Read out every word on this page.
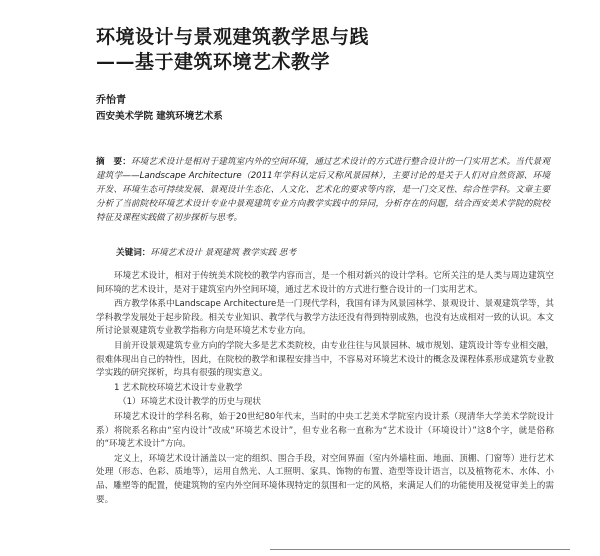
环境设计与景观建筑教学思与践
——基于建筑环境艺术教学
乔怡青
西安美术学院 建筑环境艺术系
摘　要：环境艺术设计是相对于建筑室内外的空间环境，通过艺术设计的方式进行整合设计的一门实用艺术。当代景观建筑学——Landscape Architecture（2011年学科认定后又称风景园林），主要讨论的是关于人们对自然资源、环境开发、环境生态可持续发展、景观设计生态化、人文化、艺术化的要求等内容，是一门交叉性、综合性学科。文章主要分析了当前院校环境艺术设计专业中景观建筑专业方向教学实践中的异同，分析存在的问题，结合西安美术学院的院校特征及课程实践做了初步探析与思考。
关键词：环境艺术设计 景观建筑 教学实践 思考

环境艺术设计，相对于传统美术院校的教学内容而言，是一个相对新兴的设计学科。它所关注的是人类与周边建筑空间环境的艺术设计，是对于建筑室内外空间环境，通过艺术设计的方式进行整合设计的一门实用艺术。

西方教学体系中Landscape Architecture是一门现代学科，我国有译为风景园林学、景观设计、景观建筑学等，其学科教学发展处于起步阶段。相关专业知识、教学代与教学方法还没有得到特别成熟，也没有达成相对一致的认识。本文所讨论景观建筑专业教学指称方向是环境艺术专业方向。

目前开设景观建筑专业方向的学院大多是艺术类院校，由专业往往与风景园林、城市规划、建筑设计等专业相交融，很难体现出自己的特性，因此，在院校的教学和课程安排当中，不容易对环境艺术设计的概念及课程体系形成建筑专业教学实践的研究探析，均具有很强的现实意义。

1 艺术院校环境艺术设计专业教学

（1）环境艺术设计教学的历史与现状

环境艺术设计的学科名称，始于20世纪80年代末，当时的中央工艺美术学院室内设计系（现清华大学美术学院设计系）将院系名称由“室内设计”改成“环境艺术设计”，但专业名称一直称为“艺术设计（环境设计）”这8个字，就是俗称的“环境艺术设计”方向。

定义上，环境艺术设计涵盖以一定的组织、围合手段，对空间界面（室内外墙柱面、地面、顶棚、门窗等）进行艺术处理（形态、色彩、质地等），运用自然光、人工照明、家具、饰物的布置、造型等设计语言，以及植物花木、水体、小品、雕塑等的配置，使建筑物的室内外空间环境体现特定的氛围和一定的风格，来满足人们的功能使用及视觉审美上的需要。
